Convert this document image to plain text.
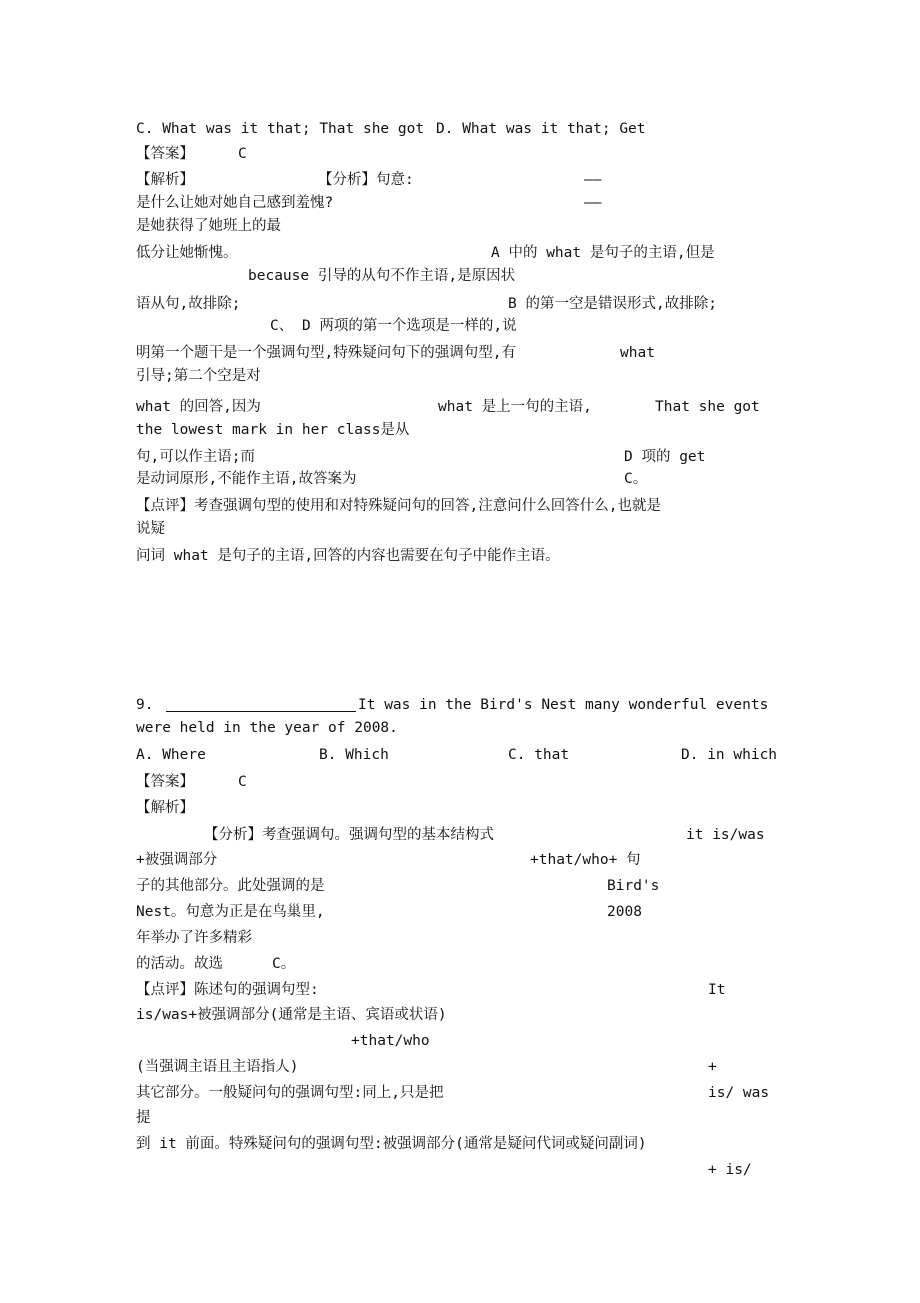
C. What was it that; That she got D. What was it that; Get
【答案】	C
【解析】	【分析】句意:	——
是什么让她对她自己感到羞愧?	——
是她获得了她班上的最
低分让她惭愧。	A 中的 what 是句子的主语,但是
because 引导的从句不作主语,是原因状
语从句,故排除;	B 的第一空是错误形式,故排除;
C、 D 两项的第一个选项是一样的,说
明第一个题干是一个强调句型,特殊疑问句下的强调句型,有	what
引导;第二个空是对
what 的回答,因为	what 是上一句的主语,	That she got
the lowest mark in her class是从
句,可以作主语;而	D 项的 get
是动词原形,不能作主语,故答案为	C。
【点评】考查强调句型的使用和对特殊疑问句的回答,注意问什么回答什么,也就是
说疑
问词 what 是句子的主语,回答的内容也需要在句子中能作主语。
9.	It was in the Bird's Nest many wonderful events
were held in the year of 2008.
A. Where	B. Which	C. that	D. in which
【答案】	C
【解析】
【分析】考查强调句。强调句型的基本结构式	it is/was
+被强调部分	+that/who+ 句
子的其他部分。此处强调的是	Bird's
Nest。句意为正是在鸟巢里,	2008
年举办了许多精彩
的活动。故选	C。
【点评】陈述句的强调句型:	It
is/was+被强调部分(通常是主语、宾语或状语)
+that/who
(当强调主语且主语指人)	+
其它部分。一般疑问句的强调句型:同上,只是把	is/ was
提
到 it 前面。特殊疑问句的强调句型:被强调部分(通常是疑问代词或疑问副词)
+ is/
